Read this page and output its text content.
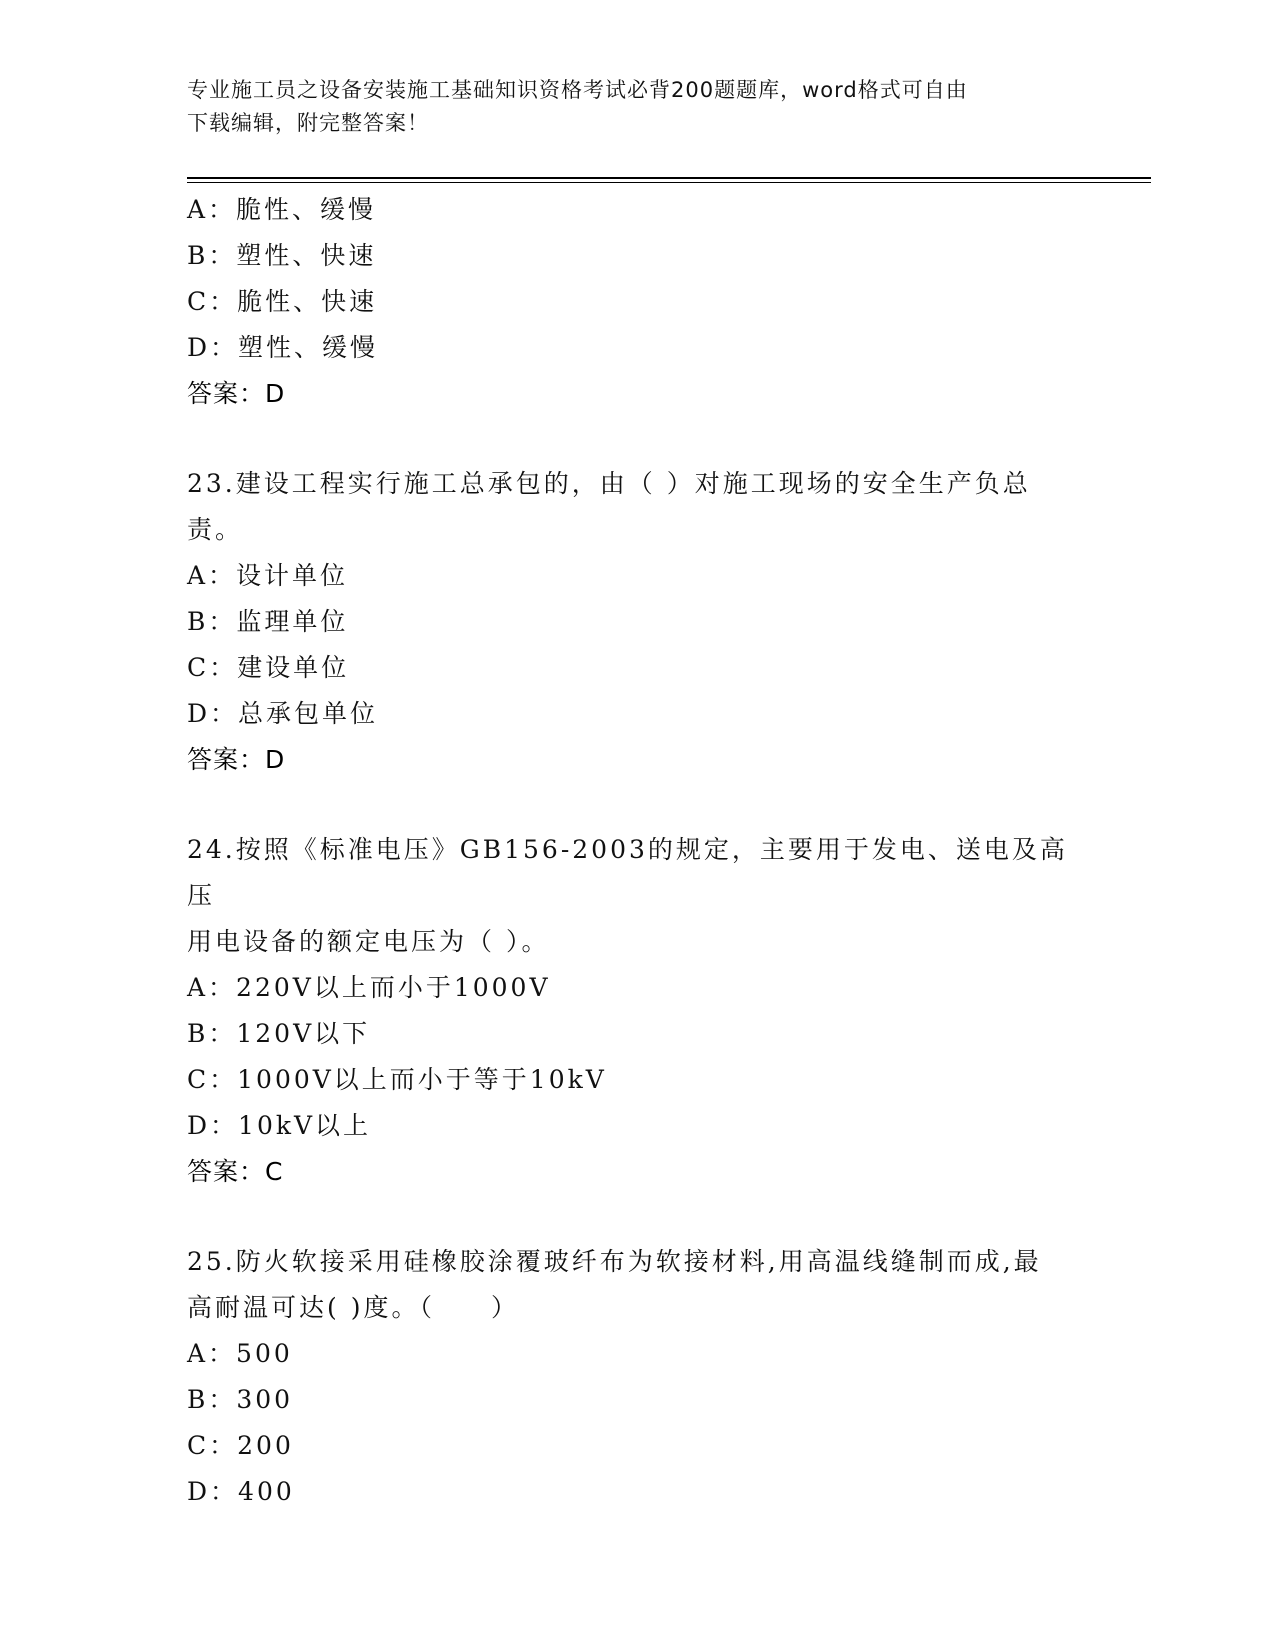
专业施工员之设备安装施工基础知识资格考试必背200题题库，word格式可自由
下载编辑，附完整答案！
A：脆性、缓慢
B：塑性、快速
C：脆性、快速
D：塑性、缓慢
答案：D
23.建设工程实行施工总承包的，由（ ）对施工现场的安全生产负总
责。
A：设计单位
B：监理单位
C：建设单位
D：总承包单位
答案：D
24.按照《标准电压》GB156-2003的规定，主要用于发电、送电及高压
用电设备的额定电压为（ ）。
A：220V以上而小于1000V
B：120V以下
C：1000V以上而小于等于10kV
D：10kV以上
答案：C
25.防火软接采用硅橡胶涂覆玻纤布为软接材料,用高温线缝制而成,最
高耐温可达( )度。（　　）
A：500
B：300
C：200
D：400
